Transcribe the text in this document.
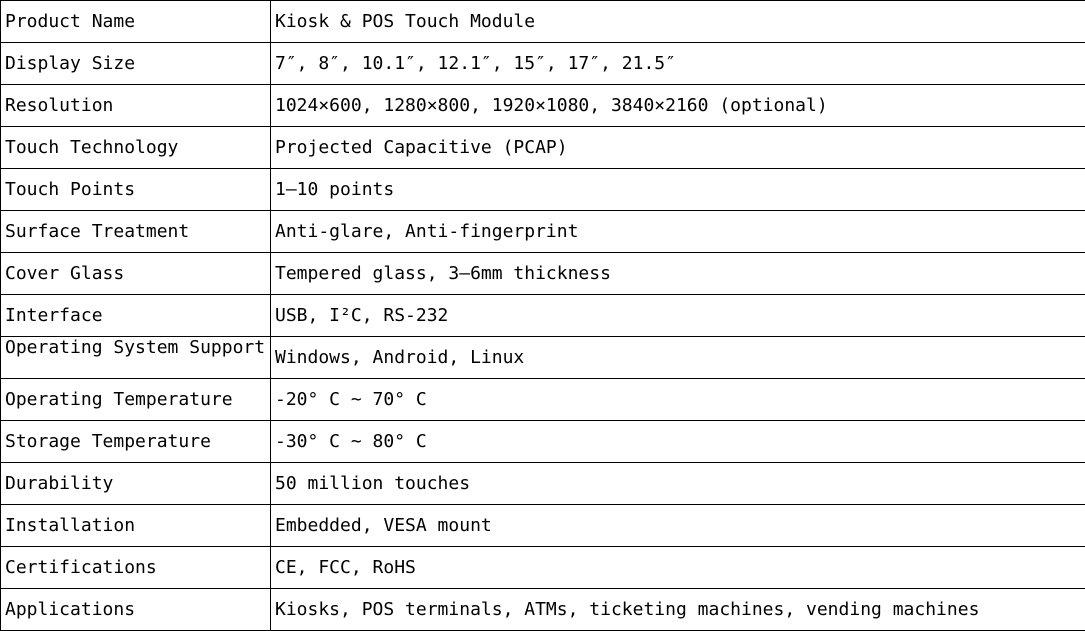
Product Name	Kiosk & POS Touch Module
Display Size	7″, 8″, 10.1″, 12.1″, 15″, 17″, 21.5″
Resolution	1024×600, 1280×800, 1920×1080, 3840×2160 (optional)
Touch Technology	Projected Capacitive (PCAP)
Touch Points	1–10 points
Surface Treatment	Anti-glare, Anti-fingerprint
Cover Glass	Tempered glass, 3–6mm thickness
Interface	USB, I²C, RS-232

Operating System Support	Windows, Android, Linux
Operating Temperature	-20° C ~ 70° C
Storage Temperature	-30° C ~ 80° C
Durability	50 million touches
Installation	Embedded, VESA mount
Certifications	CE, FCC, RoHS
Applications	Kiosks, POS terminals, ATMs, ticketing machines, vending machines
